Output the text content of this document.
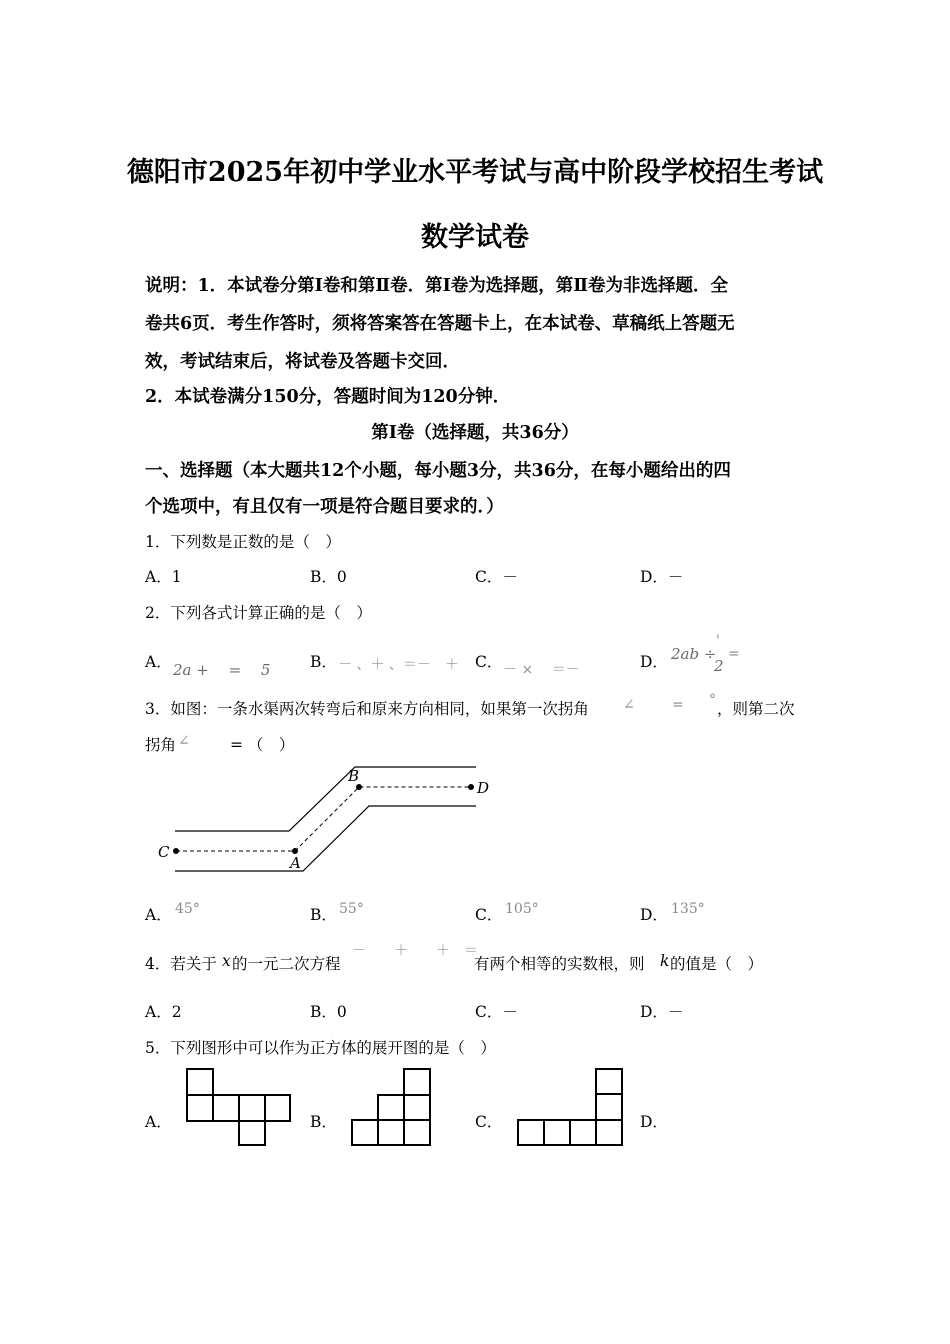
德阳市2025年初中学业水平考试与高中阶段学校招生考试
数学试卷
说明：1．本试卷分第Ⅰ卷和第Ⅱ卷．第Ⅰ卷为选择题，第Ⅱ卷为非选择题．全
卷共6页．考生作答时，须将答案答在答题卡上，在本试卷、草稿纸上答题无
效，考试结束后，将试卷及答题卡交回．
2．本试卷满分150分，答题时间为120分钟．
第Ⅰ卷（选择题，共36分）
一、选择题（本大题共12个小题，每小题3分，共36分，在每小题给出的四
个选项中，有且仅有一项是符合题目要求的．）
1．下列数是正数的是（　）
A．1	B．0	C．－	D．－
2．下列各式计算正确的是（　）
A． 2a +　 =　 5	B． － 、＋ 、＝－　＋ C． － ×　 ＝－	D． 2ab ÷
'
2
=
3．如图：一条水渠两次转弯后和原来方向相同，如果第一次拐角 ∠	= ° ，则第二次
拐角 ∠	= （　）
B
D
C
A
A． 45°	B． 55°	C． 105°	D． 135°
4．若关于 x 的一元二次方程
－　　＋　　＋　＝
有两个相等的实数根，则 k 的值是（　）
A．2	B．0	C．－	D．－
5．下列图形中可以作为正方体的展开图的是（　）
A．	B．	C．	D．
